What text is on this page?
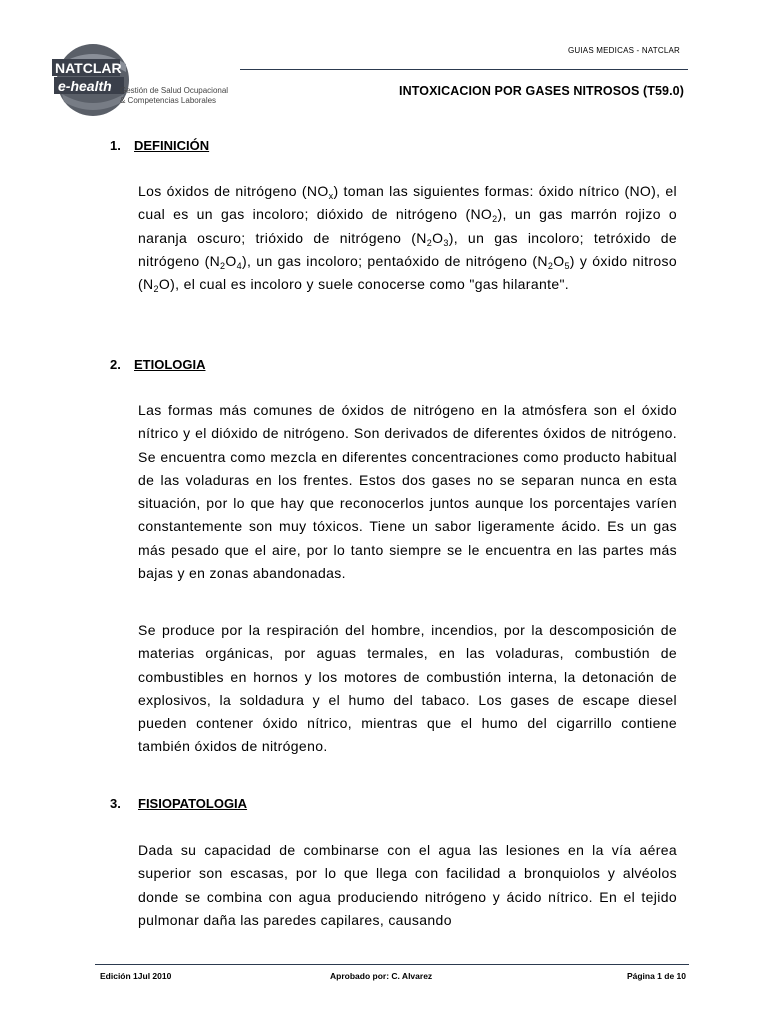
GUIAS MEDICAS - NATCLAR
NATCLAR
e-health Gestión de Salud Ocupacional
& Competencias Laborales
INTOXICACION POR GASES NITROSOS (T59.0)
1. DEFINICIÓN

Los óxidos de nitrógeno $(NO_x)$ toman las siguientes formas: óxido nítrico (NO), el cual es un gas incoloro; dióxido de nitrógeno $(NO_2)$, un gas marrón rojizo o naranja oscuro; trióxido de nitrógeno $(N_2O_3)$, un gas incoloro; tetróxido de nitrógeno $(N_2O_4)$, un gas incoloro; pentaóxido de nitrógeno $(N_2O_5)$ y óxido nitroso $(N_2O)$, el cual es incoloro y suele conocerse como "gas hilarante".

2. ETIOLOGIA

Las formas más comunes de óxidos de nitrógeno en la atmósfera son el óxido nítrico y el dióxido de nitrógeno. Son derivados de diferentes óxidos de nitrógeno. Se encuentra como mezcla en diferentes concentraciones como producto habitual de las voladuras en los frentes. Estos dos gases no se separan nunca en esta situación, por lo que hay que reconocerlos juntos aunque los porcentajes varíen constantemente son muy tóxicos. Tiene un sabor ligeramente ácido. Es un gas más pesado que el aire, por lo tanto siempre se le encuentra en las partes más bajas y en zonas abandonadas.

Se produce por la respiración del hombre, incendios, por la descomposición de materias orgánicas, por aguas termales, en las voladuras, combustión de combustibles en hornos y los motores de combustión interna, la detonación de explosivos, la soldadura y el humo del tabaco. Los gases de escape diesel pueden contener óxido nítrico, mientras que el humo del cigarrillo contiene también óxidos de nitrógeno.

3. FISIOPATOLOGIA

Dada su capacidad de combinarse con el agua las lesiones en la vía aérea superior son escasas, por lo que llega con facilidad a bronquiolos y alvéolos donde se combina con agua produciendo nitrógeno y ácido nítrico. En el tejido pulmonar daña las paredes capilares, causando

Edición 1Jul 2010	Aprobado por: C. Alvarez	Página 1 de 10
